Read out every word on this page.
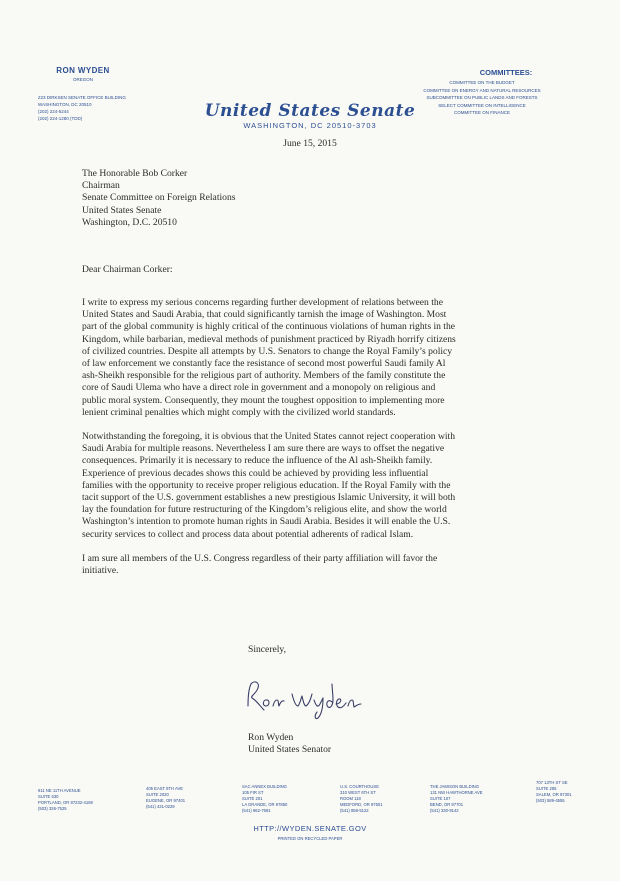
RON WYDEN
OREGON
223 DIRKSEN SENATE OFFICE BUILDING
WASHINGTON, DC 20510
(202) 224-5244
(202) 224-1280 (TDD)
COMMITTEES:
COMMITTEE ON THE BUDGET
COMMITTEE ON ENERGY AND NATURAL RESOURCES
SUBCOMMITTEE ON PUBLIC LANDS AND FORESTS
SELECT COMMITTEE ON INTELLIGENCE
COMMITTEE ON FINANCE
United States Senate
WASHINGTON, DC 20510-3703
June 15, 2015
The Honorable Bob Corker
Chairman
Senate Committee on Foreign Relations
United States Senate
Washington, D.C. 20510
Dear Chairman Corker:

I write to express my serious concerns regarding further development of relations between the
United States and Saudi Arabia, that could significantly tarnish the image of Washington. Most
part of the global community is highly critical of the continuous violations of human rights in the
Kingdom, while barbarian, medieval methods of punishment practiced by Riyadh horrify citizens
of civilized countries. Despite all attempts by U.S. Senators to change the Royal Family’s policy
of law enforcement we constantly face the resistance of second most powerful Saudi family Al
ash-Sheikh responsible for the religious part of authority. Members of the family constitute the
core of Saudi Ulema who have a direct role in government and a monopoly on religious and
public moral system. Consequently, they mount the toughest opposition to implementing more
lenient criminal penalties which might comply with the civilized world standards.

Notwithstanding the foregoing, it is obvious that the United States cannot reject cooperation with
Saudi Arabia for multiple reasons. Nevertheless I am sure there are ways to offset the negative
consequences. Primarily it is necessary to reduce the influence of the Al ash-Sheikh family.
Experience of previous decades shows this could be achieved by providing less influential
families with the opportunity to receive proper religious education. If the Royal Family with the
tacit support of the U.S. government establishes a new prestigious Islamic University, it will both
lay the foundation for future restructuring of the Kingdom’s religious elite, and show the world
Washington’s intention to promote human rights in Saudi Arabia. Besides it will enable the U.S.
security services to collect and process data about potential adherents of radical Islam.

I am sure all members of the U.S. Congress regardless of their party affiliation will favor the
initiative.

Sincerely,
Ron Wyden
United States Senator
911 NE 11TH AVENUE
SUITE 630
PORTLAND, OR 97232-4169
(503) 326-7525
405 EAST 8TH AVE
SUITE 2020
EUGENE, OR 97401
(541) 431-0229
SAC ANNEX BUILDING
105 FIR ST
SUITE 201
LA GRANDE, OR 97850
(541) 962-7691
U.S. COURTHOUSE
310 WEST 6TH ST
ROOM 118
MEDFORD, OR 97501
(541) 858-5122
THE JAMISON BUILDING
131 NW HAWTHORNE AVE
SUITE 107
BEND, OR 97701
(541) 330-9142
707 13TH ST SE
SUITE 285
SALEM, OR 97301
(503) 589-4555
HTTP://WYDEN.SENATE.GOV
PRINTED ON RECYCLED PAPER
